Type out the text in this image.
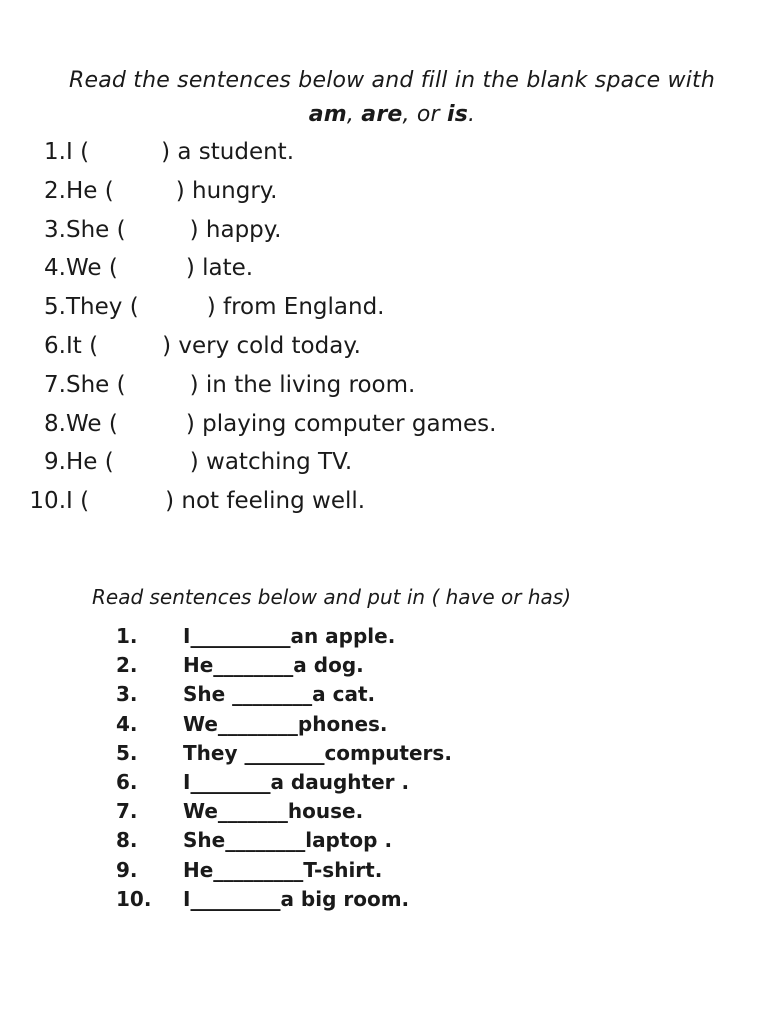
Read the sentences below and fill in the blank space with
am, are, or is.
1.I (	) a student.
2.He (	) hungry.
3.She (	) happy.
4.We (	) late.
5.They (	) from England.
6.It (	) very cold today.
7.She (	) in the living room.
8.We (	) playing computer games.
9.He (	) watching TV.
10.I (	) not feeling well.
Read sentences below and put in ( have or has)
1. I__________an apple.
2. He________a dog.
3. She ________a cat.
4. We________phones.
5. They ________computers.
6. I________a daughter .
7. We_______house.
8. She________laptop .
9. He_________T-shirt.
10. I_________a big room.
